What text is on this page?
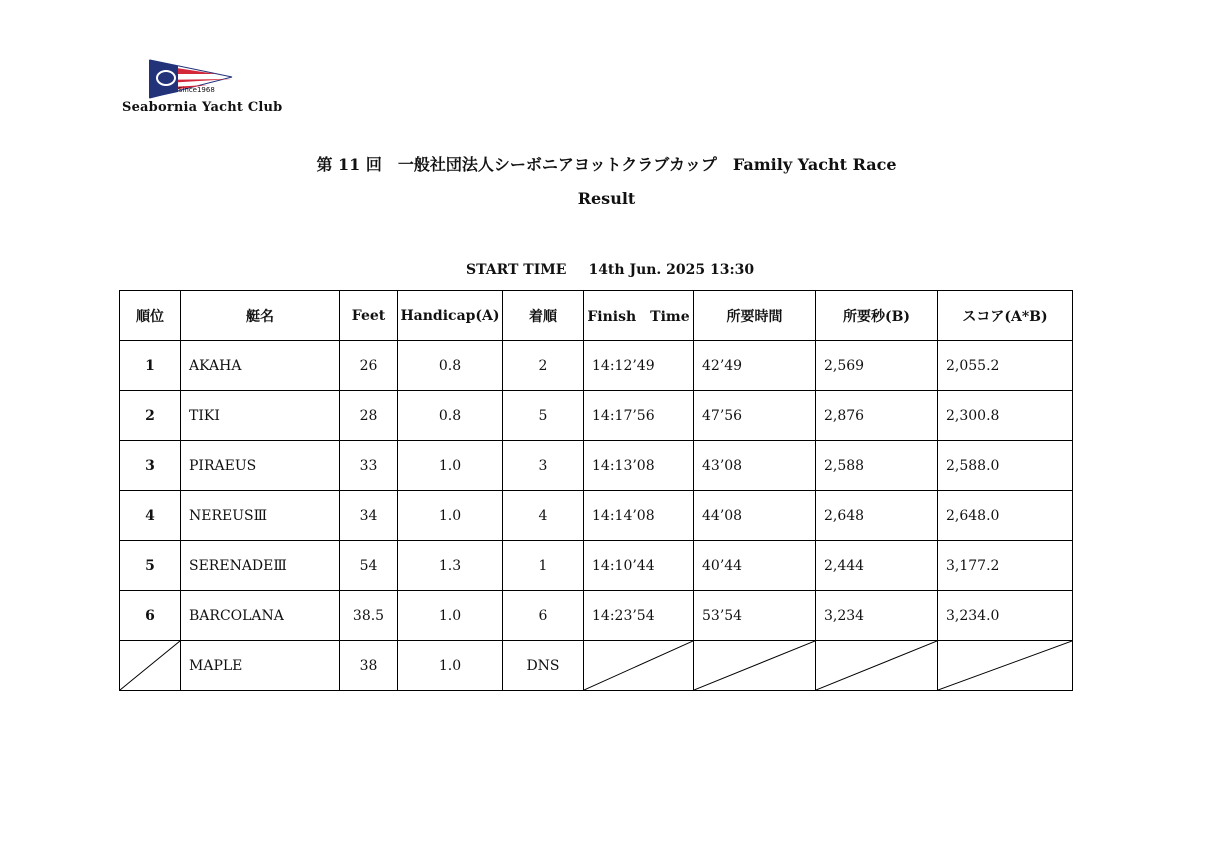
Since1968
Seabornia Yacht Club
第 11 回　一般社団法人シーボニアヨットクラブカップ　Family Yacht Race
Result
START TIME 14th Jun. 2025 13:30
順位	艇名	Feet	Handicap(A)	着順	Finish　Time	所要時間	所要秒(B)	スコア(A*B)
1	AKAHA	26	0.8	2	14:12’49	42’49	2,569	2,055.2
2	TIKI	28	0.8	5	14:17’56	47’56	2,876	2,300.8
3	PIRAEUS	33	1.0	3	14:13’08	43’08	2,588	2,588.0
4	NEREUSⅢ	34	1.0	4	14:14’08	44’08	2,648	2,648.0
5	SERENADEⅢ	54	1.3	1	14:10’44	40’44	2,444	3,177.2
6	BARCOLANA	38.5	1.0	6	14:23’54	53’54	3,234	3,234.0

	MAPLE	38	1.0	DNS	
